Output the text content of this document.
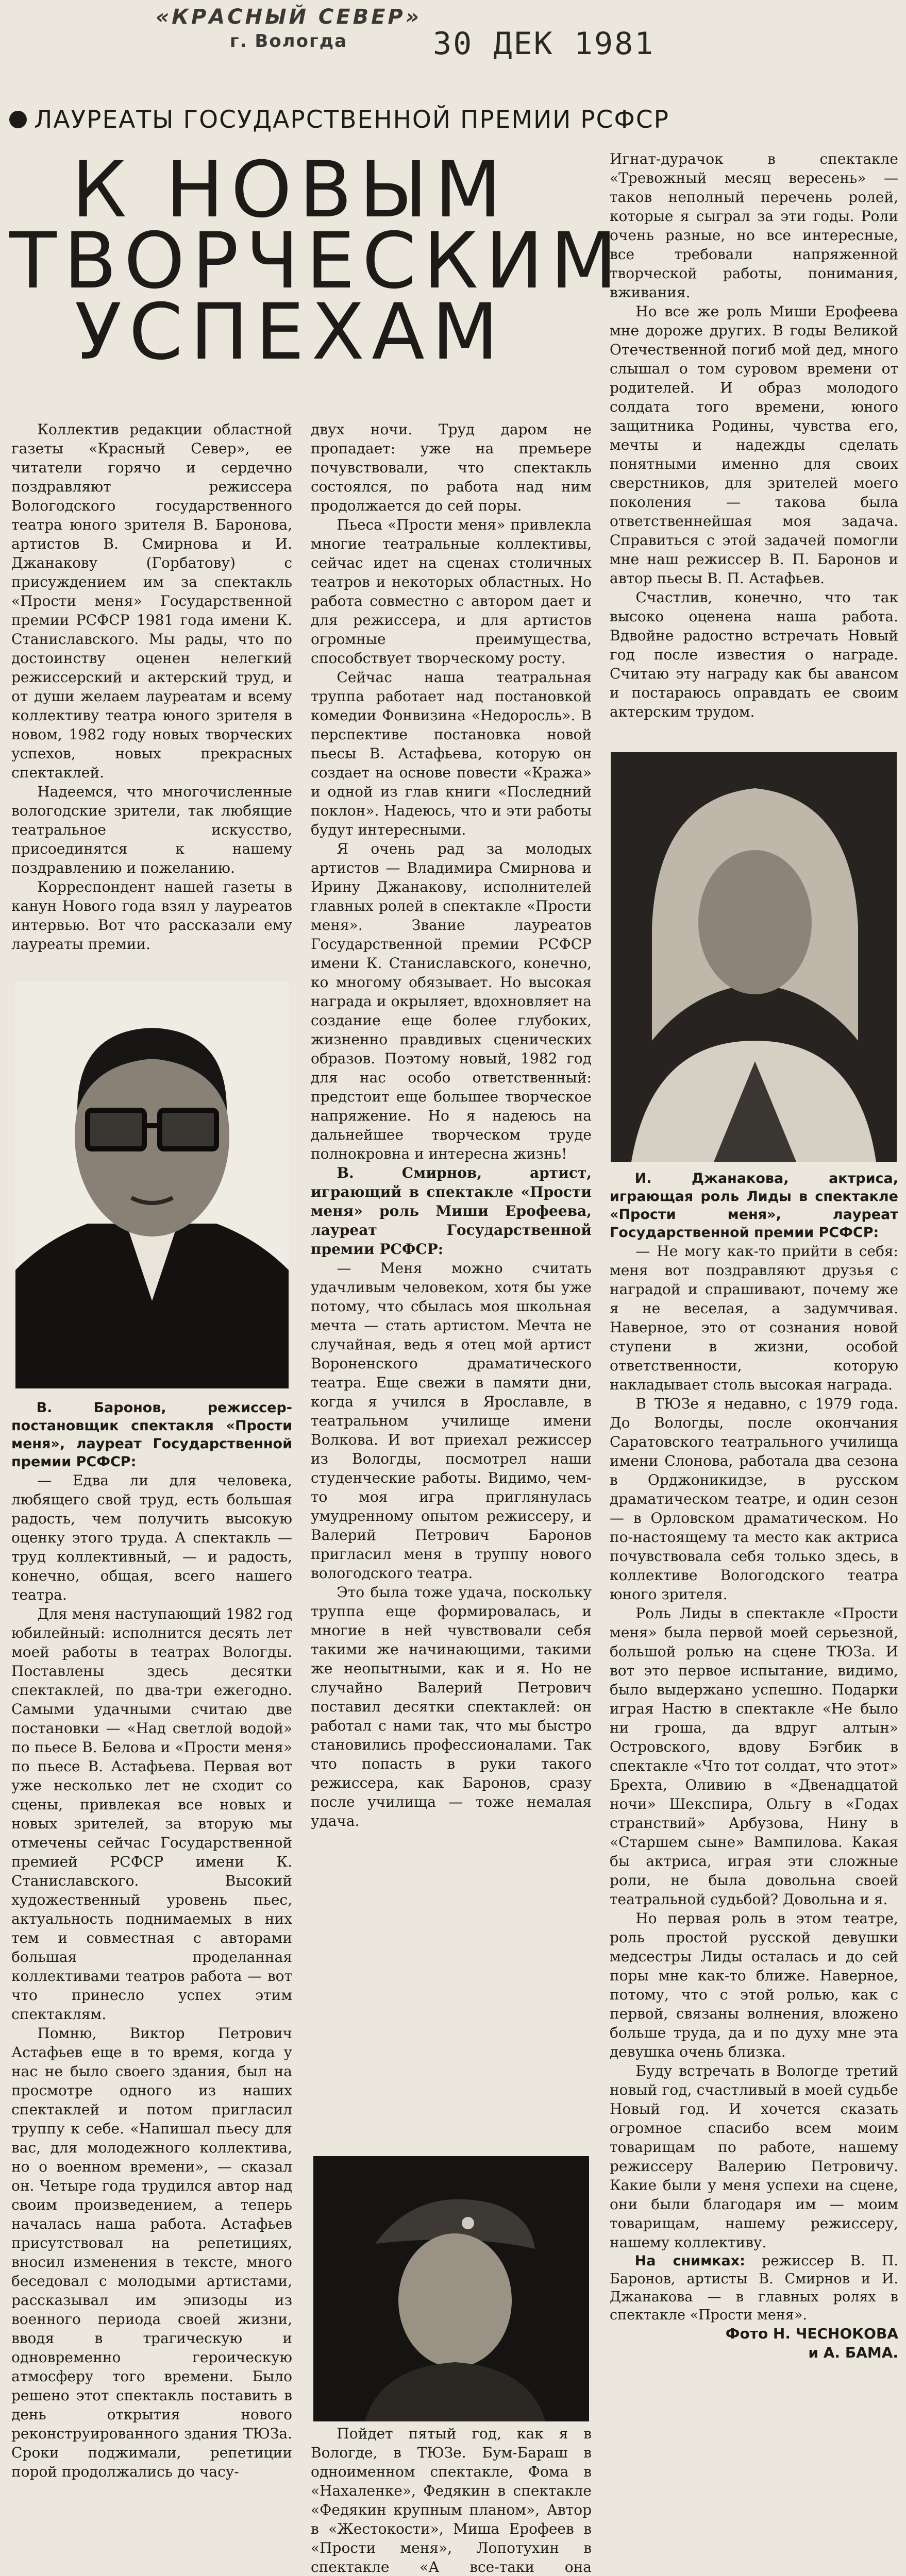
«КРАСНЫЙ СЕВЕР»
г. Вологда	30 ДЕК 1981
ЛАУРЕАТЫ ГОСУДАРСТВЕННОЙ ПРЕМИИ РСФСР
К НОВЫМ
ТВОРЧЕСКИМ
УСПЕХАМ

Коллектив редакции областной газеты «Красный Север», ее читатели горячо и сердечно поздравляют режиссера Вологодского государственного театра юного зрителя В. Баронова, артистов В. Смирнова и И. Джанакову (Горбатову) с присуждением им за спектакль «Прости меня» Государственной премии РСФСР 1981 года имени К. Станиславского. Мы рады, что по достоинству оценен нелегкий режиссерский и актерский труд, и от души желаем лауреатам и всему коллективу театра юного зрителя в новом, 1982 году новых творческих успехов, новых прекрасных спектаклей.

Надеемся, что многочисленные вологодские зрители, так любящие театральное искусство, присоединятся к нашему поздравлению и пожеланию.

Корреспондент нашей газеты в канун Нового года взял у лауреатов интервью. Вот что рассказали ему лауреаты премии.

В. Баронов, режиссер-постановщик спектакля «Прости меня», лауреат Государственной премии РСФСР:

— Едва ли для человека, любящего свой труд, есть большая радость, чем получить высокую оценку этого труда. А спектакль — труд коллективный, — и радость, конечно, общая, всего нашего театра.

Для меня наступающий 1982 год юбилейный: исполнится десять лет моей работы в театрах Вологды. Поставлены здесь десятки спектаклей, по два-три ежегодно. Самыми удачными считаю две постановки — «Над светлой водой» по пьесе В. Белова и «Прости меня» по пьесе В. Астафьева. Первая вот уже несколько лет не сходит со сцены, привлекая все новых и новых зрителей, за вторую мы отмечены сейчас Государственной премией РСФСР имени К. Станиславского. Высокий художественный уровень пьес, актуальность поднимаемых в них тем и совместная с авторами большая проделанная коллективами театров работа — вот что принесло успех этим спектаклям.

Помню, Виктор Петрович Астафьев еще в то время, когда у нас не было своего здания, был на просмотре одного из наших спектаклей и потом пригласил труппу к себе. «Напишал пьесу для вас, для молодежного коллектива, но о военном времени», — сказал он. Четыре года трудился автор над своим произведением, а теперь началась наша работа. Астафьев присутствовал на репетициях, вносил изменения в тексте, много беседовал с молодыми артистами, рассказывал им эпизоды из военного периода своей жизни, вводя в трагическую и одновременно героическую атмосферу того времени. Было решено этот спектакль поставить в день открытия нового реконструированного здания ТЮЗа. Сроки поджимали, репетиции порой продолжались до часу-

двух ночи. Труд даром не пропадает: уже на премьере почувствовали, что спектакль состоялся, по работа над ним продолжается до сей поры.

Пьеса «Прости меня» привлекла многие театральные коллективы, сейчас идет на сценах столичных театров и некоторых областных. Но работа совместно с автором дает и для режиссера, и для артистов огромные преимущества, способствует творческому росту.

Сейчас наша театральная труппа работает над постановкой комедии Фонвизина «Недоросль». В перспективе постановка новой пьесы В. Астафьева, которую он создает на основе повести «Кража» и одной из глав книги «Последний поклон». Надеюсь, что и эти работы будут интересными.

Я очень рад за молодых артистов — Владимира Смирнова и Ирину Джанакову, исполнителей главных ролей в спектакле «Прости меня». Звание лауреатов Государственной премии РСФСР имени К. Станиславского, конечно, ко многому обязывает. Но высокая награда и окрыляет, вдохновляет на создание еще более глубоких, жизненно правдивых сценических образов. Поэтому новый, 1982 год для нас особо ответственный: предстоит еще большее творческое напряжение. Но я надеюсь на дальнейшее творческом труде полнокровна и интересна жизнь!

В. Смирнов, артист, играющий в спектакле «Прости меня» роль Миши Ерофеева, лауреат Государственной премии РСФСР:

— Меня можно считать удачливым человеком, хотя бы уже потому, что сбылась моя школьная мечта — стать артистом. Мечта не случайная, ведь я отец мой артист Вороненского драматического театра. Еще свежи в памяти дни, когда я учился в Ярославле, в театральном училище имени Волкова. И вот приехал режиссер из Вологды, посмотрел наши студенческие работы. Видимо, чем-то моя игра приглянулась умудренному опытом режиссеру, и Валерий Петрович Баронов пригласил меня в труппу нового вологодского театра.

Это была тоже удача, поскольку труппа еще формировалась, и многие в ней чувствовали себя такими же начинающими, такими же неопытными, как и я. Но не случайно Валерий Петрович поставил десятки спектаклей: он работал с нами так, что мы быстро становились профессионалами. Так что попасть в руки такого режиссера, как Баронов, сразу после училища — тоже немалая удача.

Пойдет пятый год, как я в Вологде, в ТЮЗе. Бум-Бараш в одноименном спектакле, Фома в «Нахаленке», Федякин в спектакле «Федякин крупным планом», Автор в «Жестокости», Миша Ерофеев в «Прости меня», Лопотухин в спектакле «А все-таки она

Игнат-дурачок в спектакле «Тревожный месяц вересень» — таков неполный перечень ролей, которые я сыграл за эти годы. Роли очень разные, но все интересные, все требовали напряженной творческой работы, понимания, вживания.

Но все же роль Миши Ерофеева мне дороже других. В годы Великой Отечественной погиб мой дед, много слышал о том суровом времени от родителей. И образ молодого солдата того времени, юного защитника Родины, чувства его, мечты и надежды сделать понятными именно для своих сверстников, для зрителей моего поколения — такова была ответственнейшая моя задача. Справиться с этой задачей помогли мне наш режиссер В. П. Баронов и автор пьесы В. П. Астафьев.

Счастлив, конечно, что так высоко оценена наша работа. Вдвойне радостно встречать Новый год после известия о награде. Считаю эту награду как бы авансом и постараюсь оправдать ее своим актерским трудом.

И. Джанакова, актриса, играющая роль Лиды в спектакле «Прости меня», лауреат Государственной премии РСФСР:

— Не могу как-то прийти в себя: меня вот поздравляют друзья с наградой и спрашивают, почему же я не веселая, а задумчивая. Наверное, это от сознания новой ступени в жизни, особой ответственности, которую накладывает столь высокая награда.

В ТЮЗе я недавно, с 1979 года. До Вологды, после окончания Саратовского театрального училища имени Слонова, работала два сезона в Орджоникидзе, в русском драматическом театре, и один сезон — в Орловском драматическом. Но по-настоящему та место как актриса почувствовала себя только здесь, в коллективе Вологодского театра юного зрителя.

Роль Лиды в спектакле «Прости меня» была первой моей серьезной, большой ролью на сцене ТЮЗа. И вот это первое испытание, видимо, было выдержано успешно. Подарки играя Настю в спектакле «Не было ни гроша, да вдруг алтын» Островского, вдову Бэгбик в спектакле «Что тот солдат, что этот» Брехта, Оливию в «Двенадцатой ночи» Шекспира, Ольгу в «Годах странствий» Арбузова, Нину в «Старшем сыне» Вампилова. Какая бы актриса, играя эти сложные роли, не была довольна своей театральной судьбой? Довольна и я.

Но первая роль в этом театре, роль простой русской девушки медсестры Лиды осталась и до сей поры мне как-то ближе. Наверное, потому, что с этой ролью, как с первой, связаны волнения, вложено больше труда, да и по духу мне эта девушка очень близка.

Буду встречать в Вологде третий новый год, счастливый в моей судьбе Новый год. И хочется сказать огромное спасибо всем моим товарищам по работе, нашему режиссеру Валерию Петровичу. Какие были у меня успехи на сцене, они были благодаря им — моим товарищам, нашему режиссеру, нашему коллективу.

На снимках: режиссер В. П. Баронов, артисты В. Смирнов и И. Джанакова — в главных ролях в спектакле «Прости меня».

Фото Н. ЧЕСНОКОВА

и А. БАМА.
